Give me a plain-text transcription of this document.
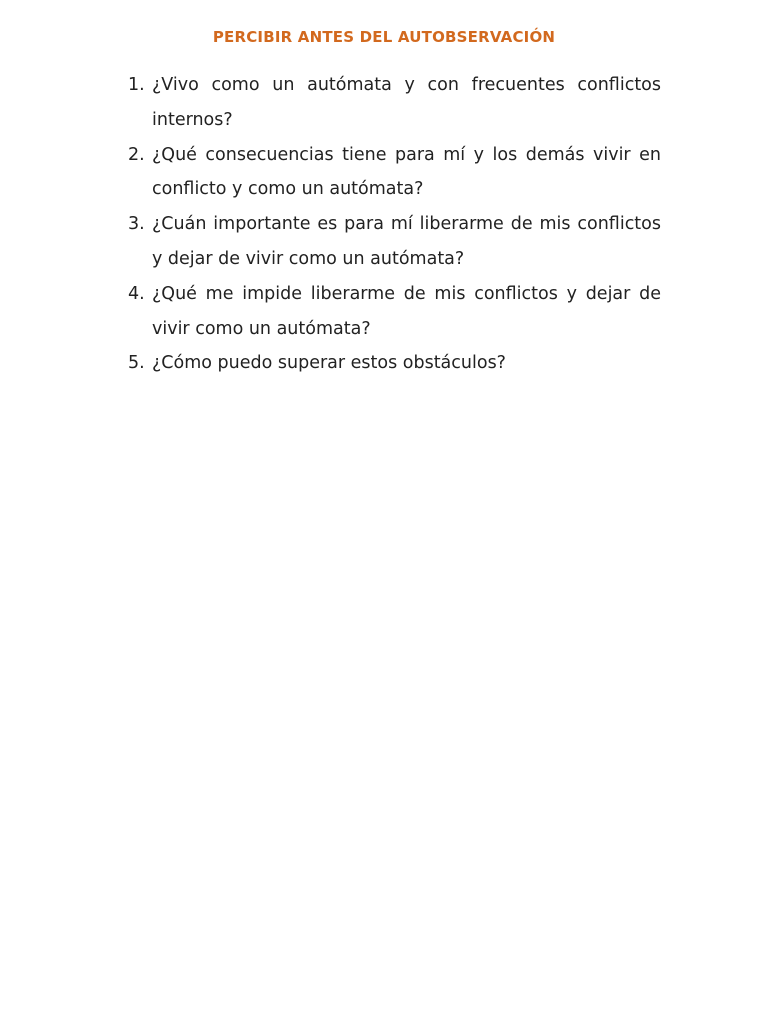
PERCIBIR ANTES DEL AUTOBSERVACIÓN
1. ¿Vivo como un autómata y con frecuentes conflictos internos?
2. ¿Qué consecuencias tiene para mí y los demás vivir en conflicto y como un autómata?
3. ¿Cuán importante es para mí liberarme de mis conflictos y dejar de vivir como un autómata?
4. ¿Qué me impide liberarme de mis conflictos y dejar de vivir como un autómata?
5. ¿Cómo puedo superar estos obstáculos?
